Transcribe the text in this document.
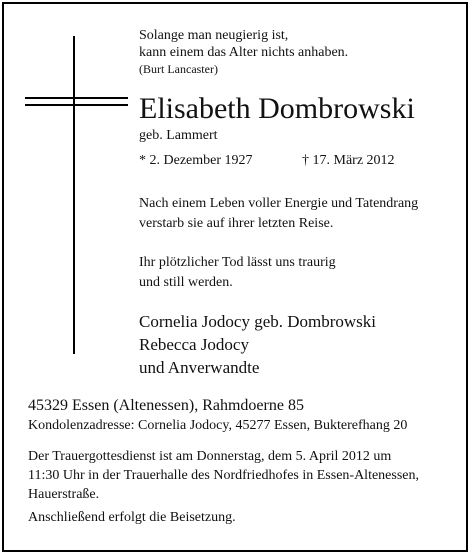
Solange man neugierig ist,
kann einem das Alter nichts anhaben.
(Burt Lancaster)
Elisabeth Dombrowski
geb. Lammert
* 2. Dezember 1927	† 17. März 2012
Nach einem Leben voller Energie und Tatendrang
verstarb sie auf ihrer letzten Reise.
Ihr plötzlicher Tod lässt uns traurig
und still werden.
Cornelia Jodocy geb. Dombrowski
Rebecca Jodocy
und Anverwandte
45329 Essen (Altenessen), Rahmdoerne 85
Kondolenzadresse: Cornelia Jodocy, 45277 Essen, Bukterefhang 20
Der Trauergottesdienst ist am Donnerstag, dem 5. April 2012 um
11:30 Uhr in der Trauerhalle des Nordfriedhofes in Essen-Altenessen,
Hauerstraße.
Anschließend erfolgt die Beisetzung.
